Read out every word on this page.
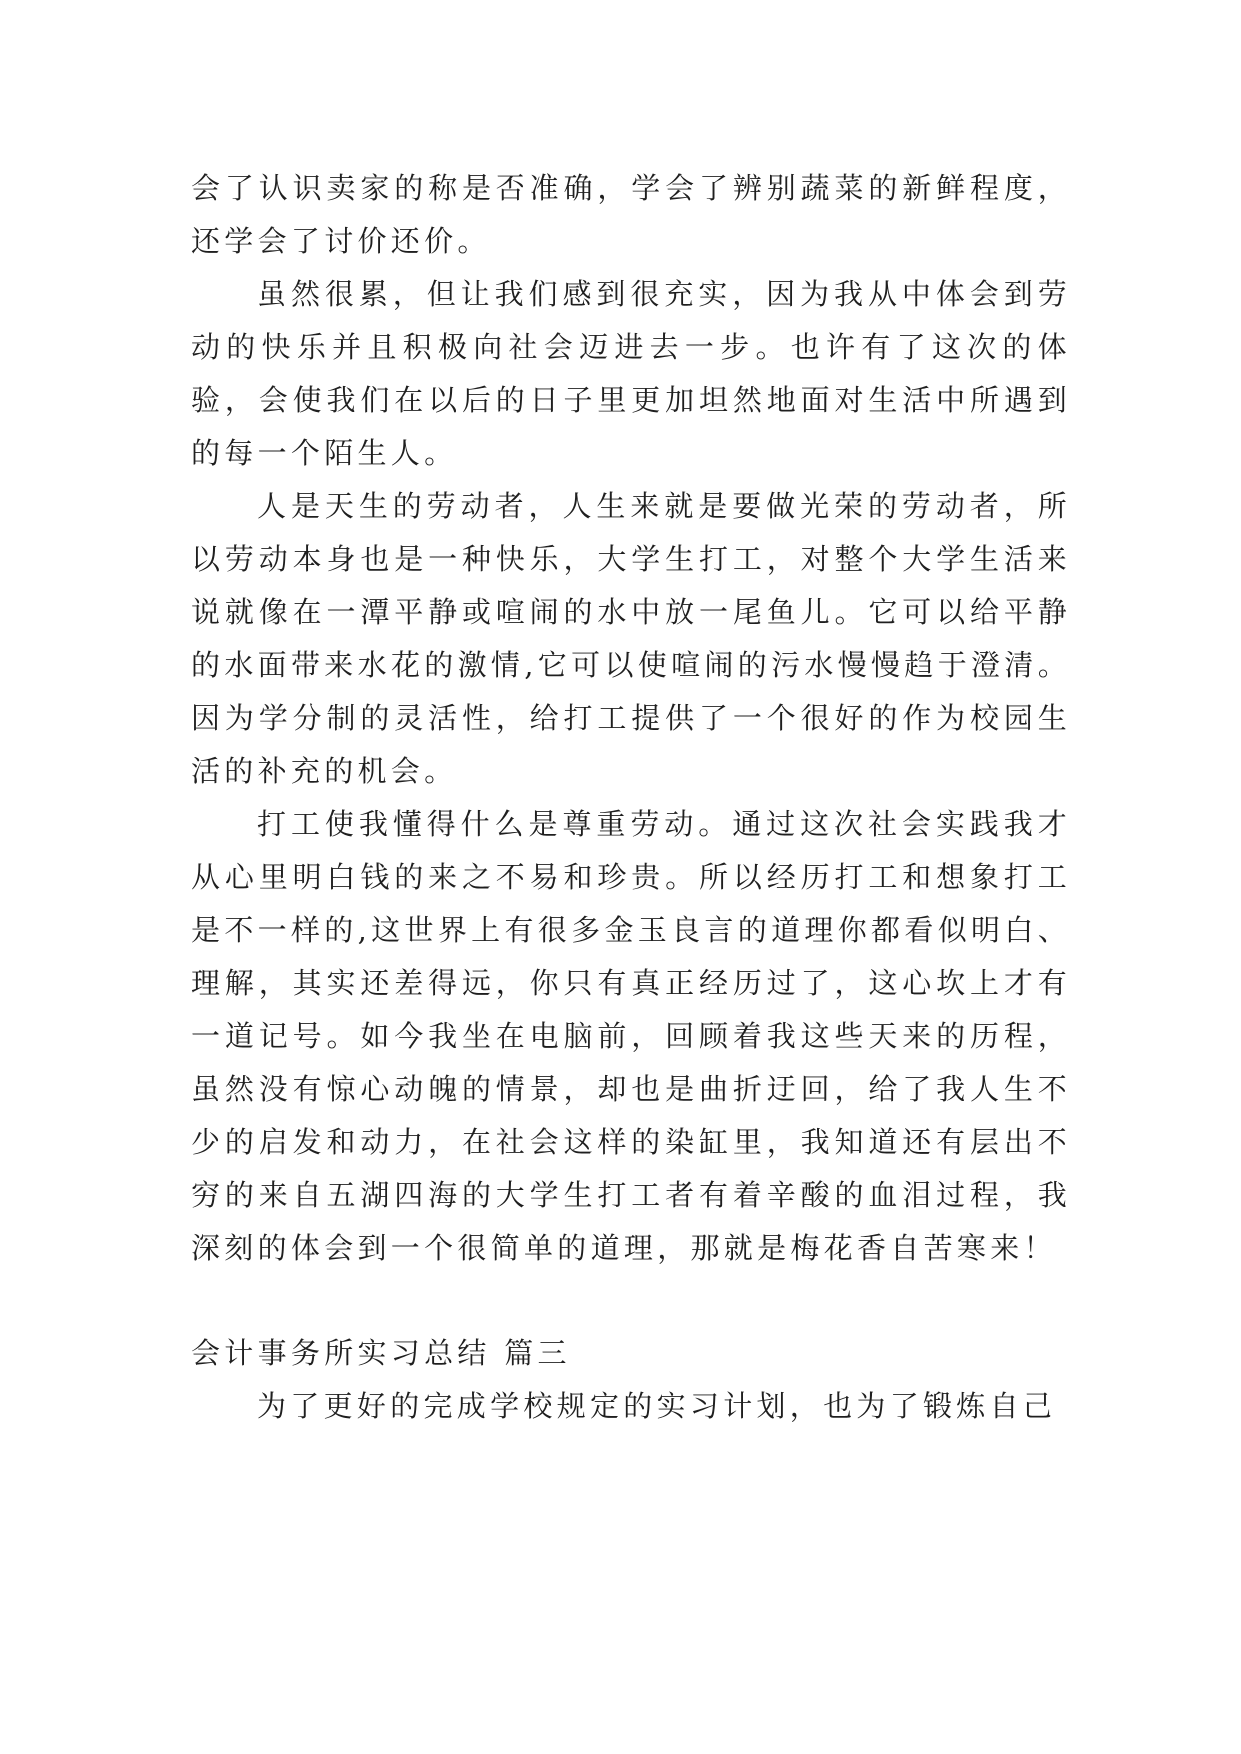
会了认识卖家的称是否准确，学会了辨别蔬菜的新鲜程度，还学会了讨价还价。

虽然很累，但让我们感到很充实，因为我从中体会到劳动的快乐并且积极向社会迈进去一步。也许有了这次的体验，会使我们在以后的日子里更加坦然地面对生活中所遇到的每一个陌生人。

人是天生的劳动者，人生来就是要做光荣的劳动者，所以劳动本身也是一种快乐，大学生打工，对整个大学生活来说就像在一潭平静或喧闹的水中放一尾鱼儿。它可以给平静的水面带来水花的激情,它可以使喧闹的污水慢慢趋于澄清。因为学分制的灵活性，给打工提供了一个很好的作为校园生活的补充的机会。

打工使我懂得什么是尊重劳动。通过这次社会实践我才从心里明白钱的来之不易和珍贵。所以经历打工和想象打工是不一样的,这世界上有很多金玉良言的道理你都看似明白、理解，其实还差得远，你只有真正经历过了，这心坎上才有一道记号。如今我坐在电脑前，回顾着我这些天来的历程，虽然没有惊心动魄的情景，却也是曲折迂回，给了我人生不少的启发和动力，在社会这样的染缸里，我知道还有层出不穷的来自五湖四海的大学生打工者有着辛酸的血泪过程，我深刻的体会到一个很简单的道理，那就是梅花香自苦寒来！

会计事务所实习总结 篇三

为了更好的完成学校规定的实习计划，也为了锻炼自己
